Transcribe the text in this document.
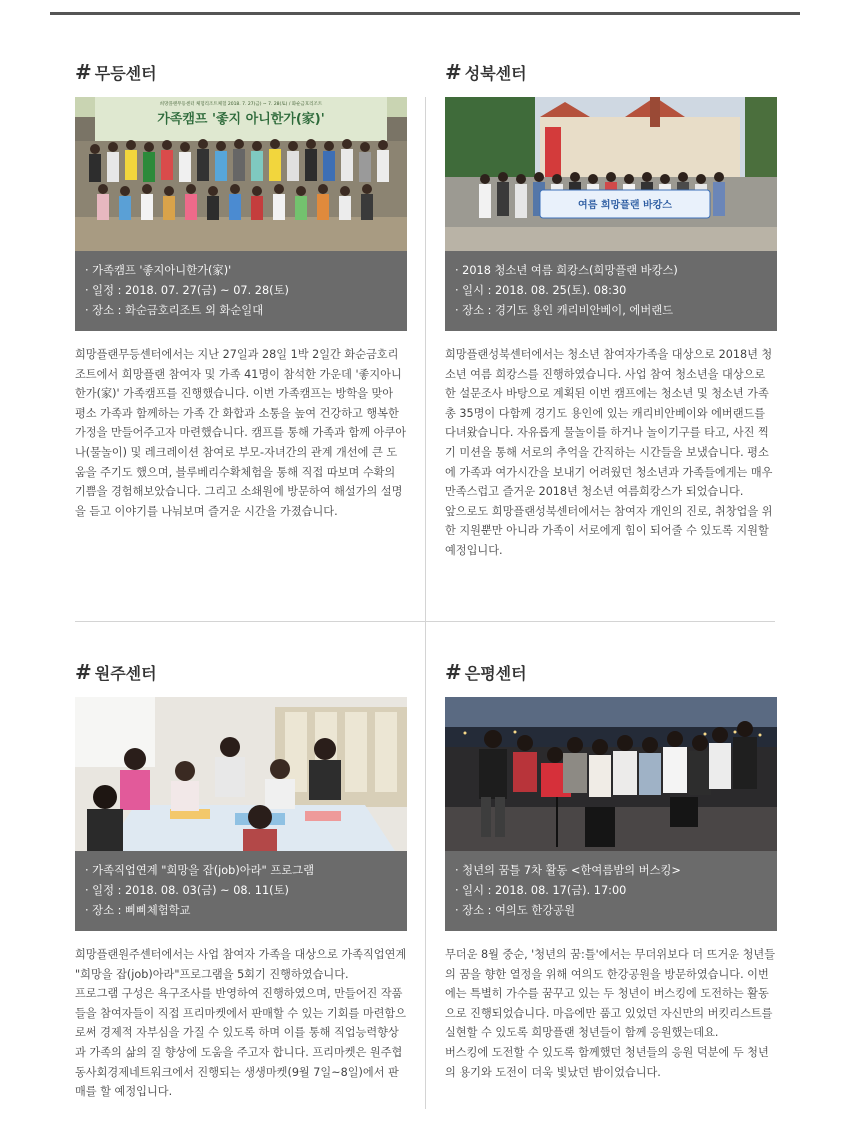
# 무등센터
희망플랜무등센터 체험리조트체험 2018. 7. 27(금) ~ 7. 28(토) / 화순금호리조트
가족캠프 '좋지 아니한가(家)'
· 가족캠프 '좋지아니한가(家)'
· 일정 : 2018. 07. 27(금) ~ 07. 28(토)
· 장소 : 화순금호리조트 외 화순일대

희망플랜무등센터에서는 지난 27일과 28일 1박 2일간 화순금호리조트에서 희망플랜 참여자 및 가족 41명이 참석한 가운데 '좋지아니한가(家)' 가족캠프를 진행했습니다. 이번 가족캠프는 방학을 맞아 평소 가족과 함께하는 가족 간 화합과 소통을 높여 건강하고 행복한 가정을 만들어주고자 마련했습니다. 캠프를 통해 가족과 함께 아쿠아나(물놀이) 및 레크레이션 참여로 부모-자녀간의 관계 개선에 큰 도움을 주기도 했으며, 블루베리수확체험을 통해 직접 따보며 수확의 기쁨을 경험해보았습니다. 그리고 소쇄원에 방문하여 해설가의 설명을 듣고 이야기를 나눠보며 즐거운 시간을 가졌습니다.

# 성북센터
여름 희망플랜 바캉스
· 2018 청소년 여름 희캉스(희망플랜 바캉스)
· 일시 : 2018. 08. 25(토). 08:30
· 장소 : 경기도 용인 캐리비안베이, 에버랜드

희망플랜성북센터에서는 청소년 참여자가족을 대상으로 2018년 청소년 여름 희캉스를 진행하였습니다. 사업 참여 청소년을 대상으로 한 설문조사 바탕으로 계획된 이번 캠프에는 청소년 및 청소년 가족 총 35명이 다함께 경기도 용인에 있는 캐리비안베이와 에버랜드를 다녀왔습니다. 자유롭게 물놀이를 하거나 놀이기구를 타고, 사진 찍기 미션을 통해 서로의 추억을 간직하는 시간들을 보냈습니다. 평소에 가족과 여가시간을 보내기 어려웠던 청소년과 가족들에게는 매우 만족스럽고 즐거운 2018년 청소년 여름희캉스가 되었습니다.

앞으로도 희망플랜성북센터에서는 참여자 개인의 진로, 취창업을 위한 지원뿐만 아니라 가족이 서로에게 힘이 되어줄 수 있도록 지원할 예정입니다.

# 원주센터
· 가족직업연계 "희망을 잡(job)아라" 프로그램
· 일정 : 2018. 08. 03(금) ~ 08. 11(토)
· 장소 : 삐삐체험학교

희망플랜원주센터에서는 사업 참여자 가족을 대상으로 가족직업연계 "희망을 잡(job)아라"프로그램을 5회기 진행하였습니다.

프로그램 구성은 욕구조사를 반영하여 진행하였으며, 만들어진 작품들을 참여자들이 직접 프리마켓에서 판매할 수 있는 기회를 마련함으로써 경제적 자부심을 가질 수 있도록 하며 이를 통해 직업능력향상과 가족의 삶의 질 향상에 도움을 주고자 합니다. 프리마켓은 원주협동사회경제네트워크에서 진행되는 생생마켓(9월 7일~8일)에서 판매를 할 예정입니다.

# 은평센터
· 청년의 꿈틀 7차 활동 <한여름밤의 버스킹>
· 일시 : 2018. 08. 17(금). 17:00
· 장소 : 여의도 한강공원

무더운 8월 중순, '청년의 꿈:틀'에서는 무더위보다 더 뜨거운 청년들의 꿈을 향한 열정을 위해 여의도 한강공원을 방문하였습니다. 이번에는 특별히 가수를 꿈꾸고 있는 두 청년이 버스킹에 도전하는 활동으로 진행되었습니다. 마음에만 품고 있었던 자신만의 버킷리스트를 실현할 수 있도록 희망플랜 청년들이 함께 응원했는데요.

버스킹에 도전할 수 있도록 함께했던 청년들의 응원 덕분에 두 청년의 용기와 도전이 더욱 빛났던 밤이었습니다.
